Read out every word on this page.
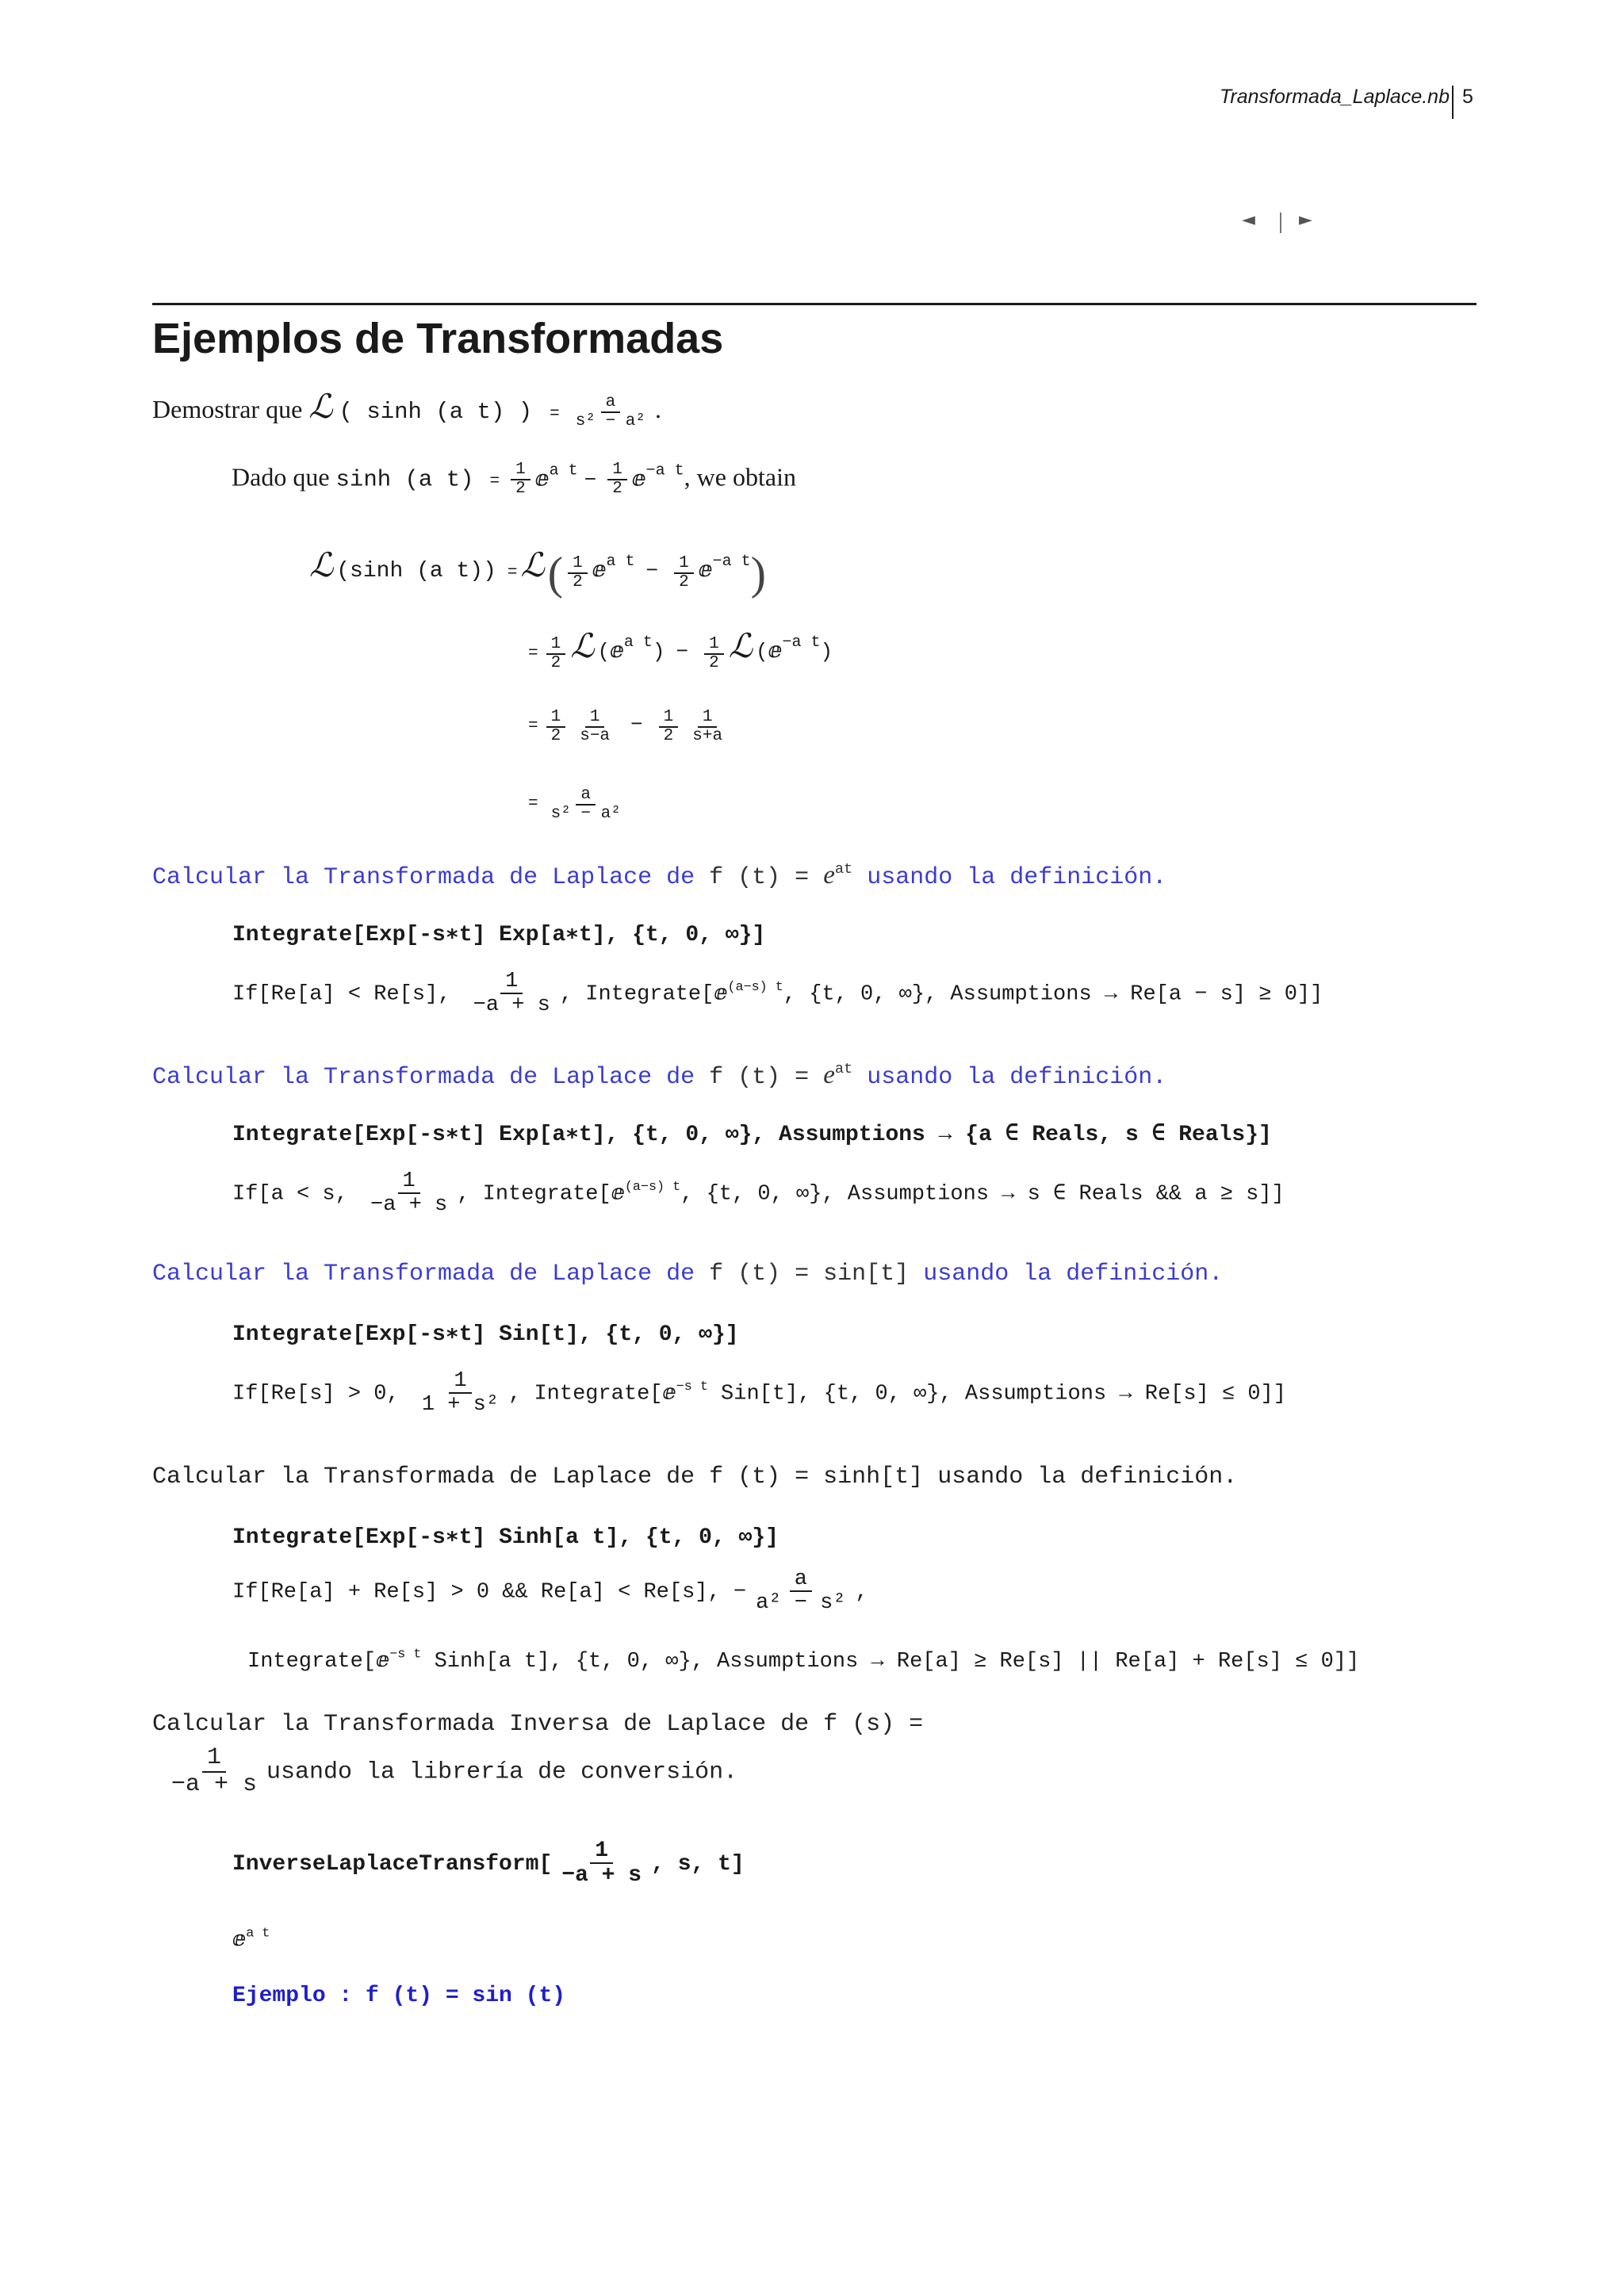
Transformada_Laplace.nb 5
◄	►
Ejemplos de Transformadas
Demostrar que ℒ ( sinh (a t) ) = $\frac{a}{\text{s² − a²}}$ .
Dado que sinh (a $t) = \frac{1}{2}$ ⅇ$^{a t}$ − $\frac{1}{2}$ ⅇ$^{-a t}$, we obtain
ℒ (sinh (a t)) = ℒ ( $\frac{1}{2}$ ⅇa $t - \frac{1}{2}$ ⅇ−a t)
= $\frac{1}{2}$ ℒ (ⅇa $t) - \frac{1}{2}$ ℒ (ⅇ−a t)
= $\frac{1}{2} \frac{1}{s-a} - \frac{1}{2} \frac{1}{s+a}$
= $\frac{a}{\text{s² − a²}}$
Calcular la Transformada de Laplace de f $(t) = e^{at}$ usando la definición.
Integrate[Exp[-s∗t] Exp[a∗t], {t, 0, ∞}]
If[Re[a] < Re[s], $\frac{1}{-a + s}$ , Integrate[ⅇ$^{(a-s) t}$, {t, 0, ∞}, Assumptions → Re[a − s] ≥ 0]]
Calcular la Transformada de Laplace de f $(t) = e^{at}$ usando la definición.
Integrate[Exp[-s∗t] Exp[a∗t], {t, 0, ∞}, Assumptions → {a ∈ Reals, s ∈ Reals}]
If[a < s, $\frac{1}{-a + s}$ , Integrate[ⅇ$^{(a-s) t}$, {t, 0, ∞}, Assumptions → s ∈ Reals && a ≥ s]]
Calcular la Transformada de Laplace de f (t) = sin[t] usando la definición.
Integrate[Exp[-s∗t] Sin[t], {t, 0, ∞}]
If[Re[s] > 0, $\frac{1}{\text{1 + s²}}$ , Integrate[ⅇ$^{-s t}$ Sin[t], {t, 0, ∞}, Assumptions → Re[s] ≤ 0]]
Calcular la Transformada de Laplace de f (t) = sinh[t] usando la definición.
Integrate[Exp[-s∗t] Sinh[a t], {t, 0, ∞}]
If[Re[a] + Re[s] > 0 && Re[a] < Re[s], − $\frac{a}{\text{a² − s²}}$ ,
Integrate[ⅇ$^{-s t}$ Sinh[a t], {t, 0, ∞}, Assumptions → Re[a] ≥ Re[s] || Re[a] + Re[s] ≤ 0]]
Calcular la Transformada Inversa de Laplace de f (s) =
$\frac{1}{-a + s}$ usando la librería de conversión.
InverseLaplaceTransform[ $\frac{1}{-a + s}$ , s, t]
ⅇ$^{a t}$
Ejemplo : f (t) = sin (t)
